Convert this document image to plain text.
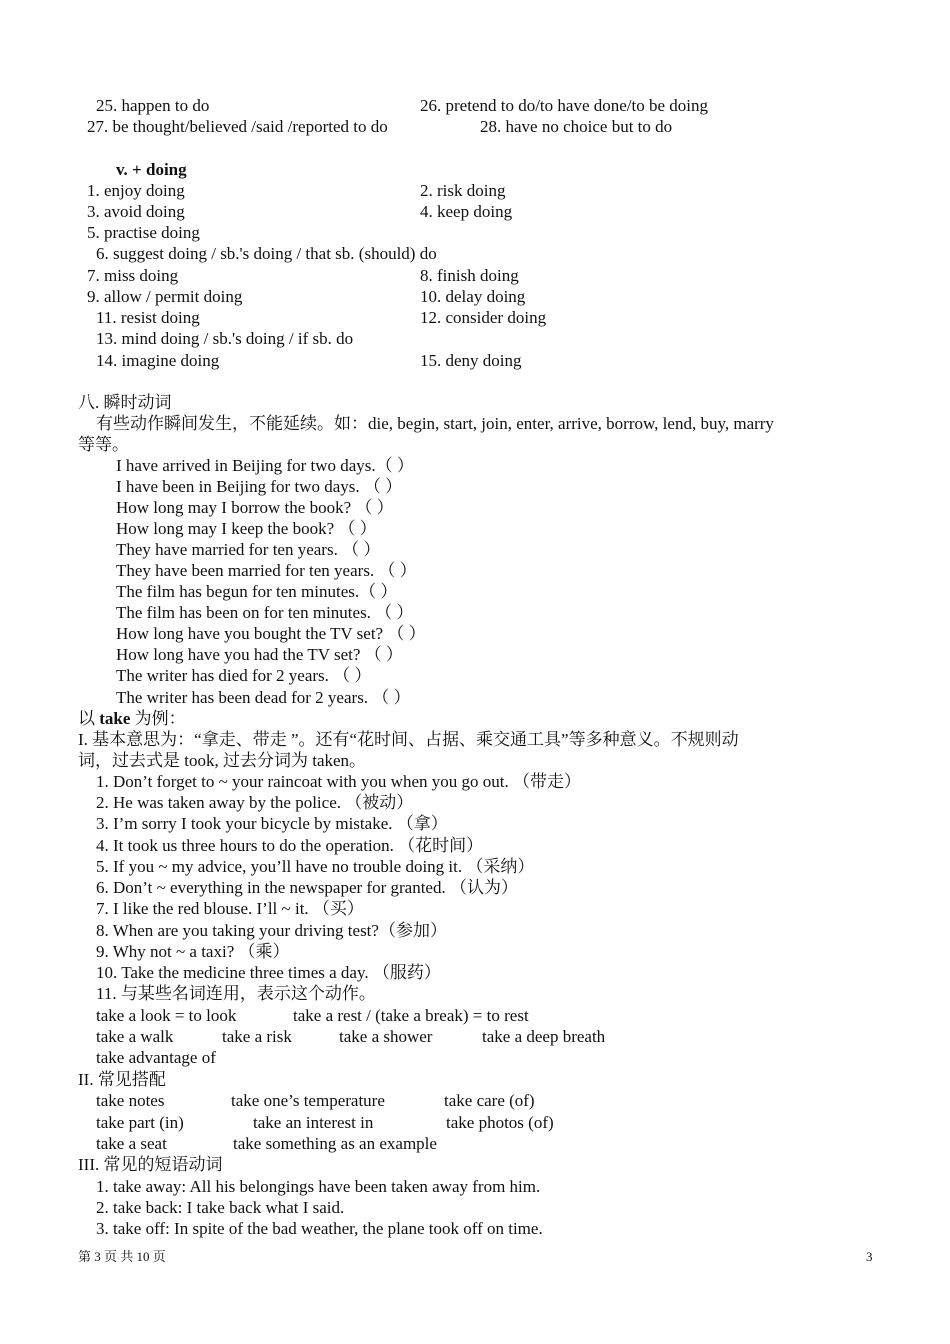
25. happen to do	26. pretend to do/to have done/to be doing
27. be thought/believed /said /reported to do	28. have no choice but to do
v. + doing
1. enjoy doing	2. risk doing
3. avoid doing	4. keep doing
5. practise doing
6. suggest doing / sb.'s doing / that sb. (should) do
7. miss doing	8. finish doing
9. allow / permit doing	10. delay doing
11. resist doing	12. consider doing
13. mind doing / sb.'s doing / if sb. do
14. imagine doing	15. deny doing
八. 瞬时动词
有些动作瞬间发生，不能延续。如：die, begin, start, join, enter, arrive, borrow, lend, buy, marry
等等。
I have arrived in Beijing for two days.（ ）
I have been in Beijing for two days. （ ）
How long may I borrow the book? （ ）
How long may I keep the book? （ ）
They have married for ten years. （ ）
They have been married for ten years. （ ）
The film has begun for ten minutes.（ ）
The film has been on for ten minutes. （ ）
How long have you bought the TV set? （ ）
How long have you had the TV set? （ ）
The writer has died for 2 years. （ ）
The writer has been dead for 2 years. （ ）
以 take 为例：
I. 基本意思为：“拿走、带走 ”。还有“花时间、占据、乘交通工具”等多种意义。不规则动
词，过去式是 took, 过去分词为 taken。
1. Don’t forget to ~ your raincoat with you when you go out. （带走）
2. He was taken away by the police. （被动）
3. I’m sorry I took your bicycle by mistake. （拿）
4. It took us three hours to do the operation. （花时间）
5. If you ~ my advice, you’ll have no trouble doing it. （采纳）
6. Don’t ~ everything in the newspaper for granted. （认为）
7. I like the red blouse. I’ll ~ it. （买）
8. When are you taking your driving test?（参加）
9. Why not ~ a taxi? （乘）
10. Take the medicine three times a day. （服药）
11. 与某些名词连用，表示这个动作。
take a look = to look	take a rest / (take a break) = to rest
take a walk	take a risk	take a shower	take a deep breath
take advantage of
II. 常见搭配
take notes	take one’s temperature	take care (of)
take part (in)	take an interest in	take photos (of)
take a seat	take something as an example
III. 常见的短语动词
1. take away: All his belongings have been taken away from him.
2. take back: I take back what I said.
3. take off: In spite of the bad weather, the plane took off on time.
第 3 页 共 10 页	3
